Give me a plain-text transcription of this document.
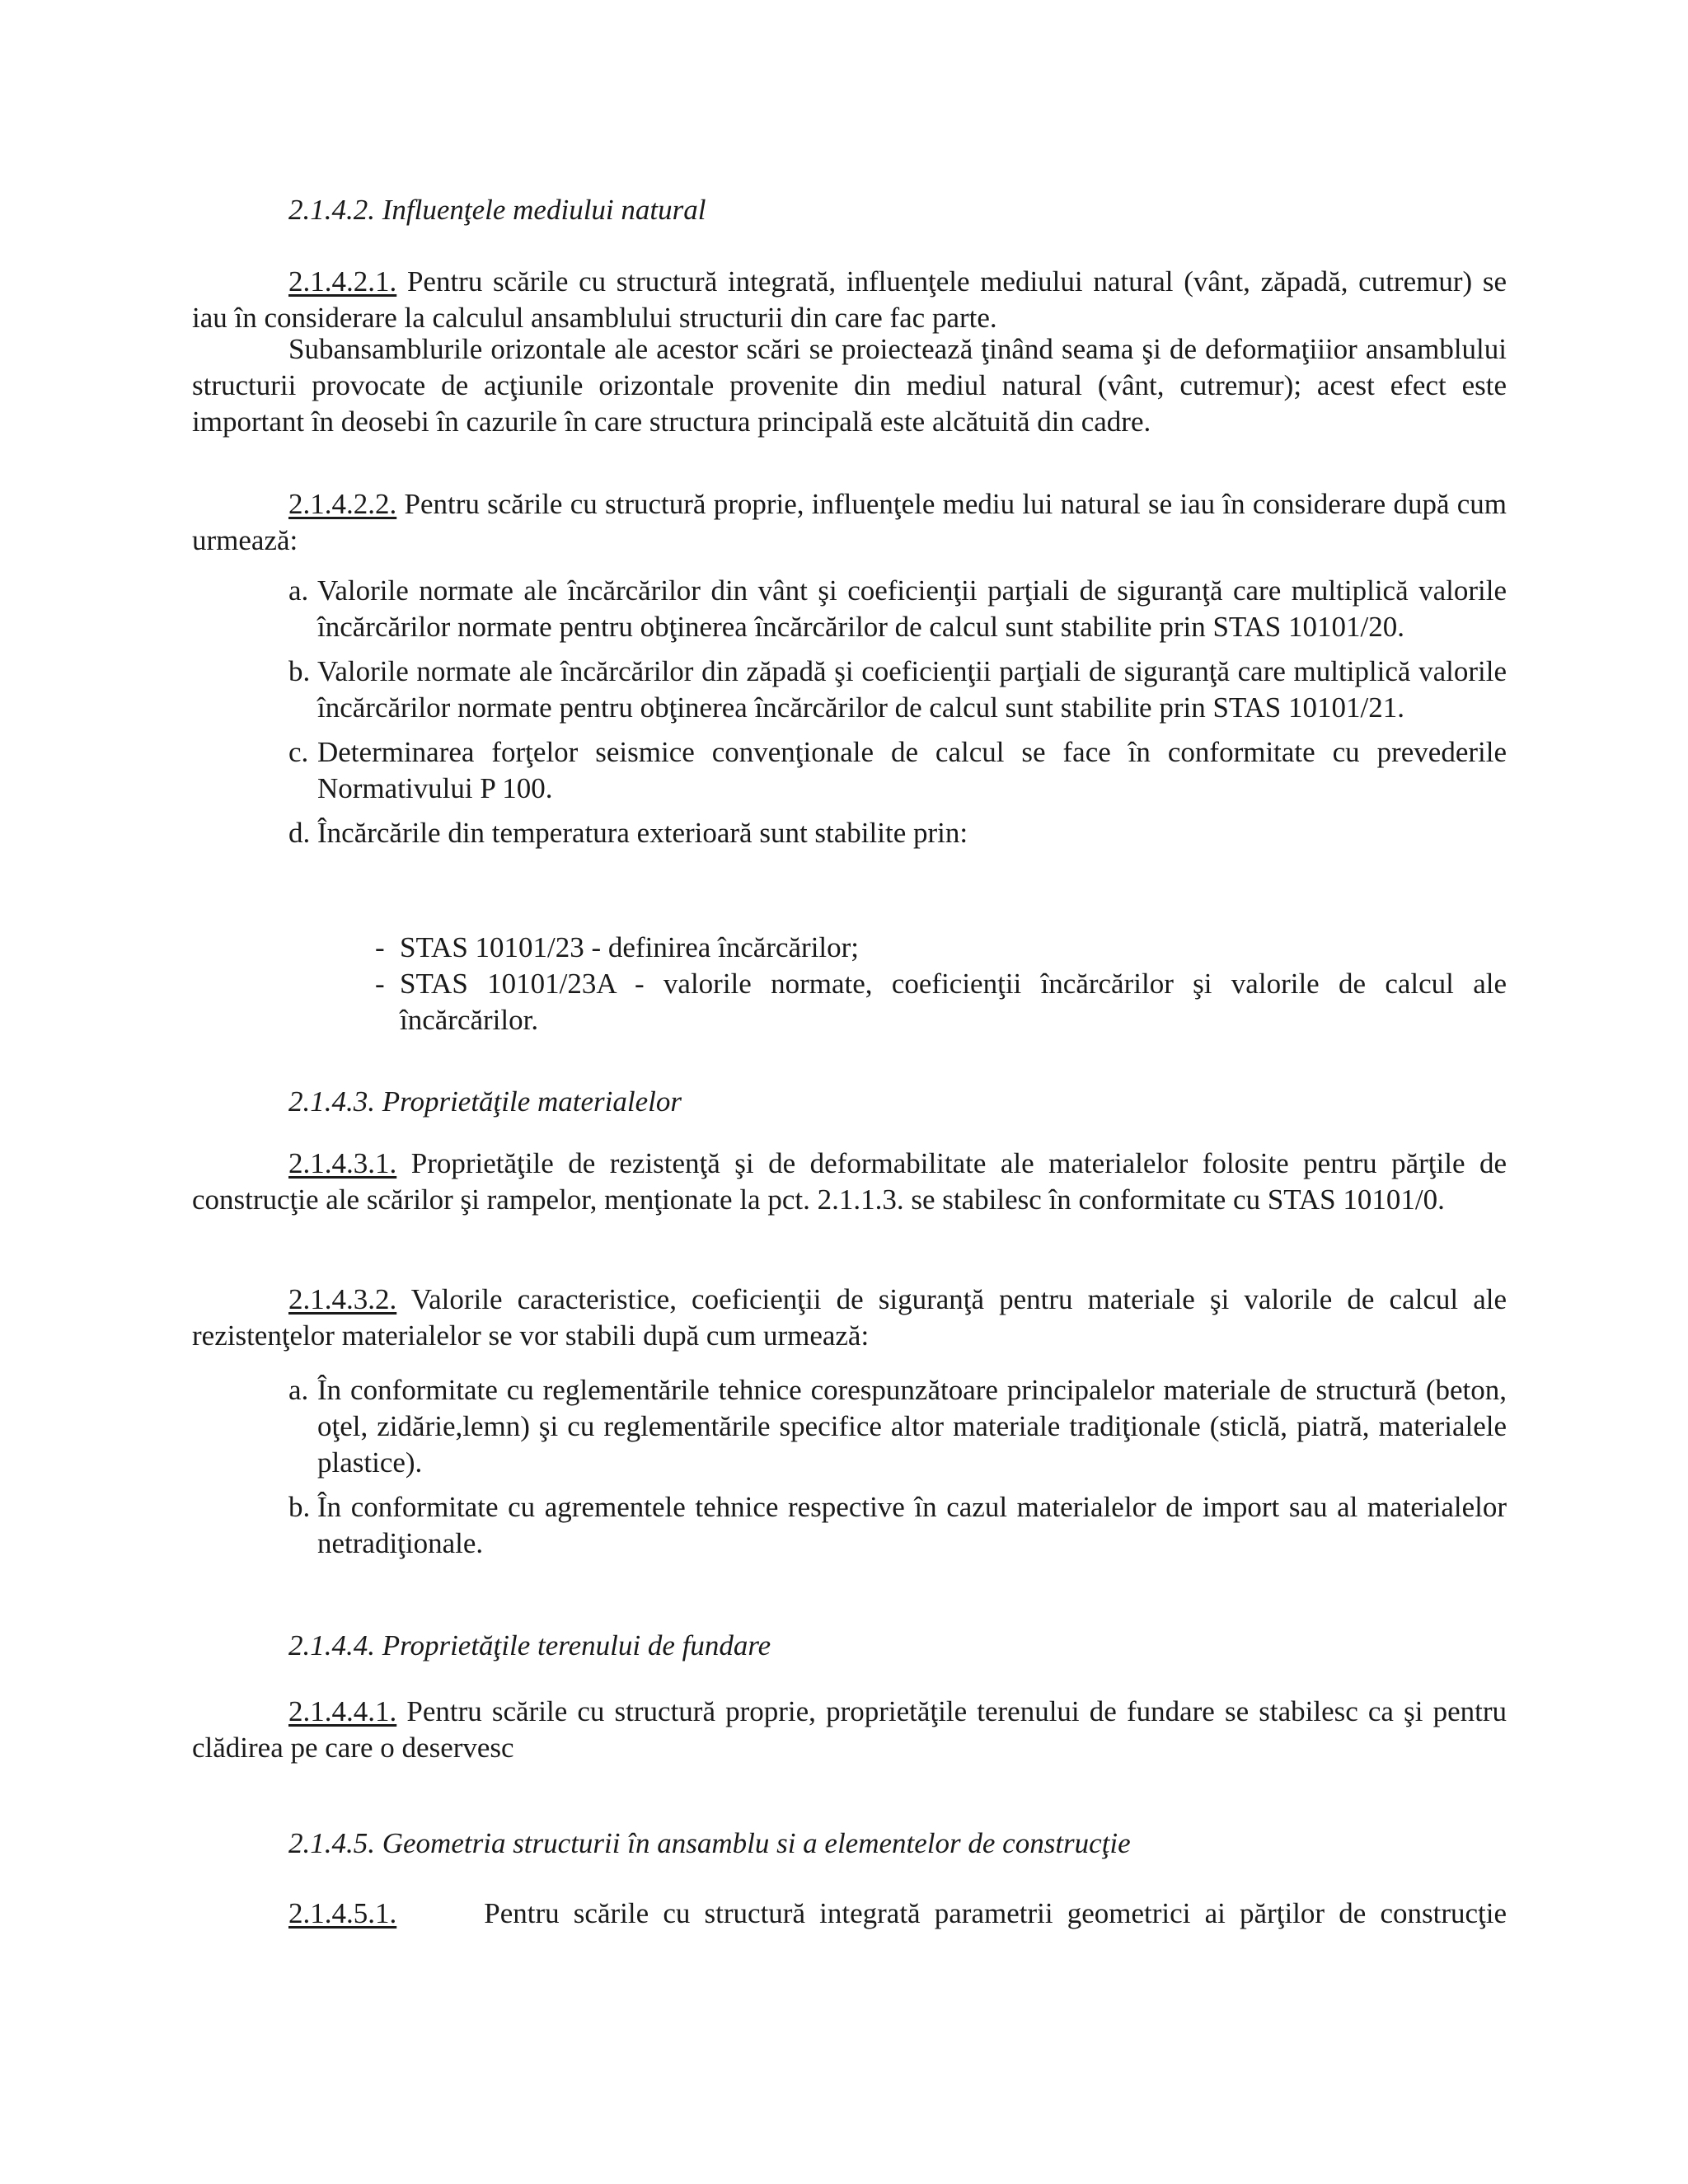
2.1.4.2. Influenţele mediului natural

2.1.4.2.1. Pentru scările cu structură integrată, influenţele mediului natural (vânt, zăpadă, cutremur) se iau în considerare la calculul ansamblului structurii din care fac parte.

Subansamblurile orizontale ale acestor scări se proiectează ţinând seama şi de deformaţiiior ansamblului structurii provocate de acţiunile orizontale provenite din mediul natural (vânt, cutremur); acest efect este important în deosebi în cazurile în care structura principală este alcătuită din cadre.

2.1.4.2.2. Pentru scările cu structură proprie, influenţele mediu lui natural se iau în considerare după cum urmează:

a. Valorile normate ale încărcărilor din vânt şi coeficienţii parţiali de siguranţă care multiplică valorile încărcărilor normate pentru obţinerea încărcărilor de calcul sunt stabilite prin STAS 10101/20.
b. Valorile normate ale încărcărilor din zăpadă şi coeficienţii parţiali de siguranţă care multiplică valorile încărcărilor normate pentru obţinerea încărcărilor de calcul sunt stabilite prin STAS 10101/21.
c. Determinarea forţelor seismice convenţionale de calcul se face în conformitate cu prevederile Normativului P 100.
d. Încărcările din temperatura exterioară sunt stabilite prin:
- STAS 10101/23 - definirea încărcărilor;
- STAS 10101/23A - valorile normate, coeficienţii încărcărilor şi valorile de calcul ale încărcărilor.

2.1.4.3. Proprietăţile materialelor

2.1.4.3.1. Proprietăţile de rezistenţă şi de deformabilitate ale materialelor folosite pentru părţile de construcţie ale scărilor şi rampelor, menţionate la pct. 2.1.1.3. se stabilesc în conformitate cu STAS 10101/0.

2.1.4.3.2. Valorile caracteristice, coeficienţii de siguranţă pentru materiale şi valorile de calcul ale rezistenţelor materialelor se vor stabili după cum urmează:

a. În conformitate cu reglementările tehnice corespunzătoare principalelor materiale de structură (beton, oţel, zidărie,lemn) şi cu reglementările specifice altor materiale tradiţionale (sticlă, piatră, materialele plastice).
b. În conformitate cu agrementele tehnice respective în cazul materialelor de import sau al materialelor netradiţionale.

2.1.4.4. Proprietăţile terenului de fundare

2.1.4.4.1. Pentru scările cu structură proprie, proprietăţile terenului de fundare se stabilesc ca şi pentru clădirea pe care o deservesc

2.1.4.5. Geometria structurii în ansamblu si a elementelor de construcţie

2.1.4.5.1.	Pentru scările cu structură integrată parametrii geometrici ai părţilor de construcţie
